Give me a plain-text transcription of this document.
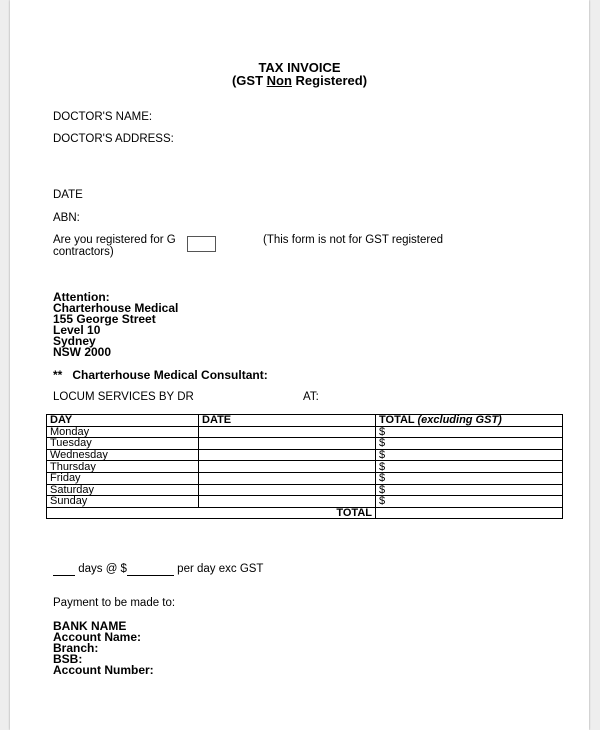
TAX INVOICE
(GST Non Registered)
DOCTOR'S NAME:
DOCTOR'S ADDRESS:
DATE
ABN:
Are you registered for G	(This form is not for GST registered
contractors)
Attention:
Charterhouse Medical
155 George Street
Level 10
Sydney
NSW 2000
**   Charterhouse Medical Consultant:
LOCUM SERVICES BY DR	AT:
DAY	DATE	TOTAL (excluding GST)
Monday		$
Tuesday		$
Wednesday		$
Thursday		$
Friday		$
Saturday		$
Sunday		$
TOTAL		
days @ $	per day exc GST
Payment to be made to:
BANK NAME
Account Name:
Branch:
BSB:
Account Number:
